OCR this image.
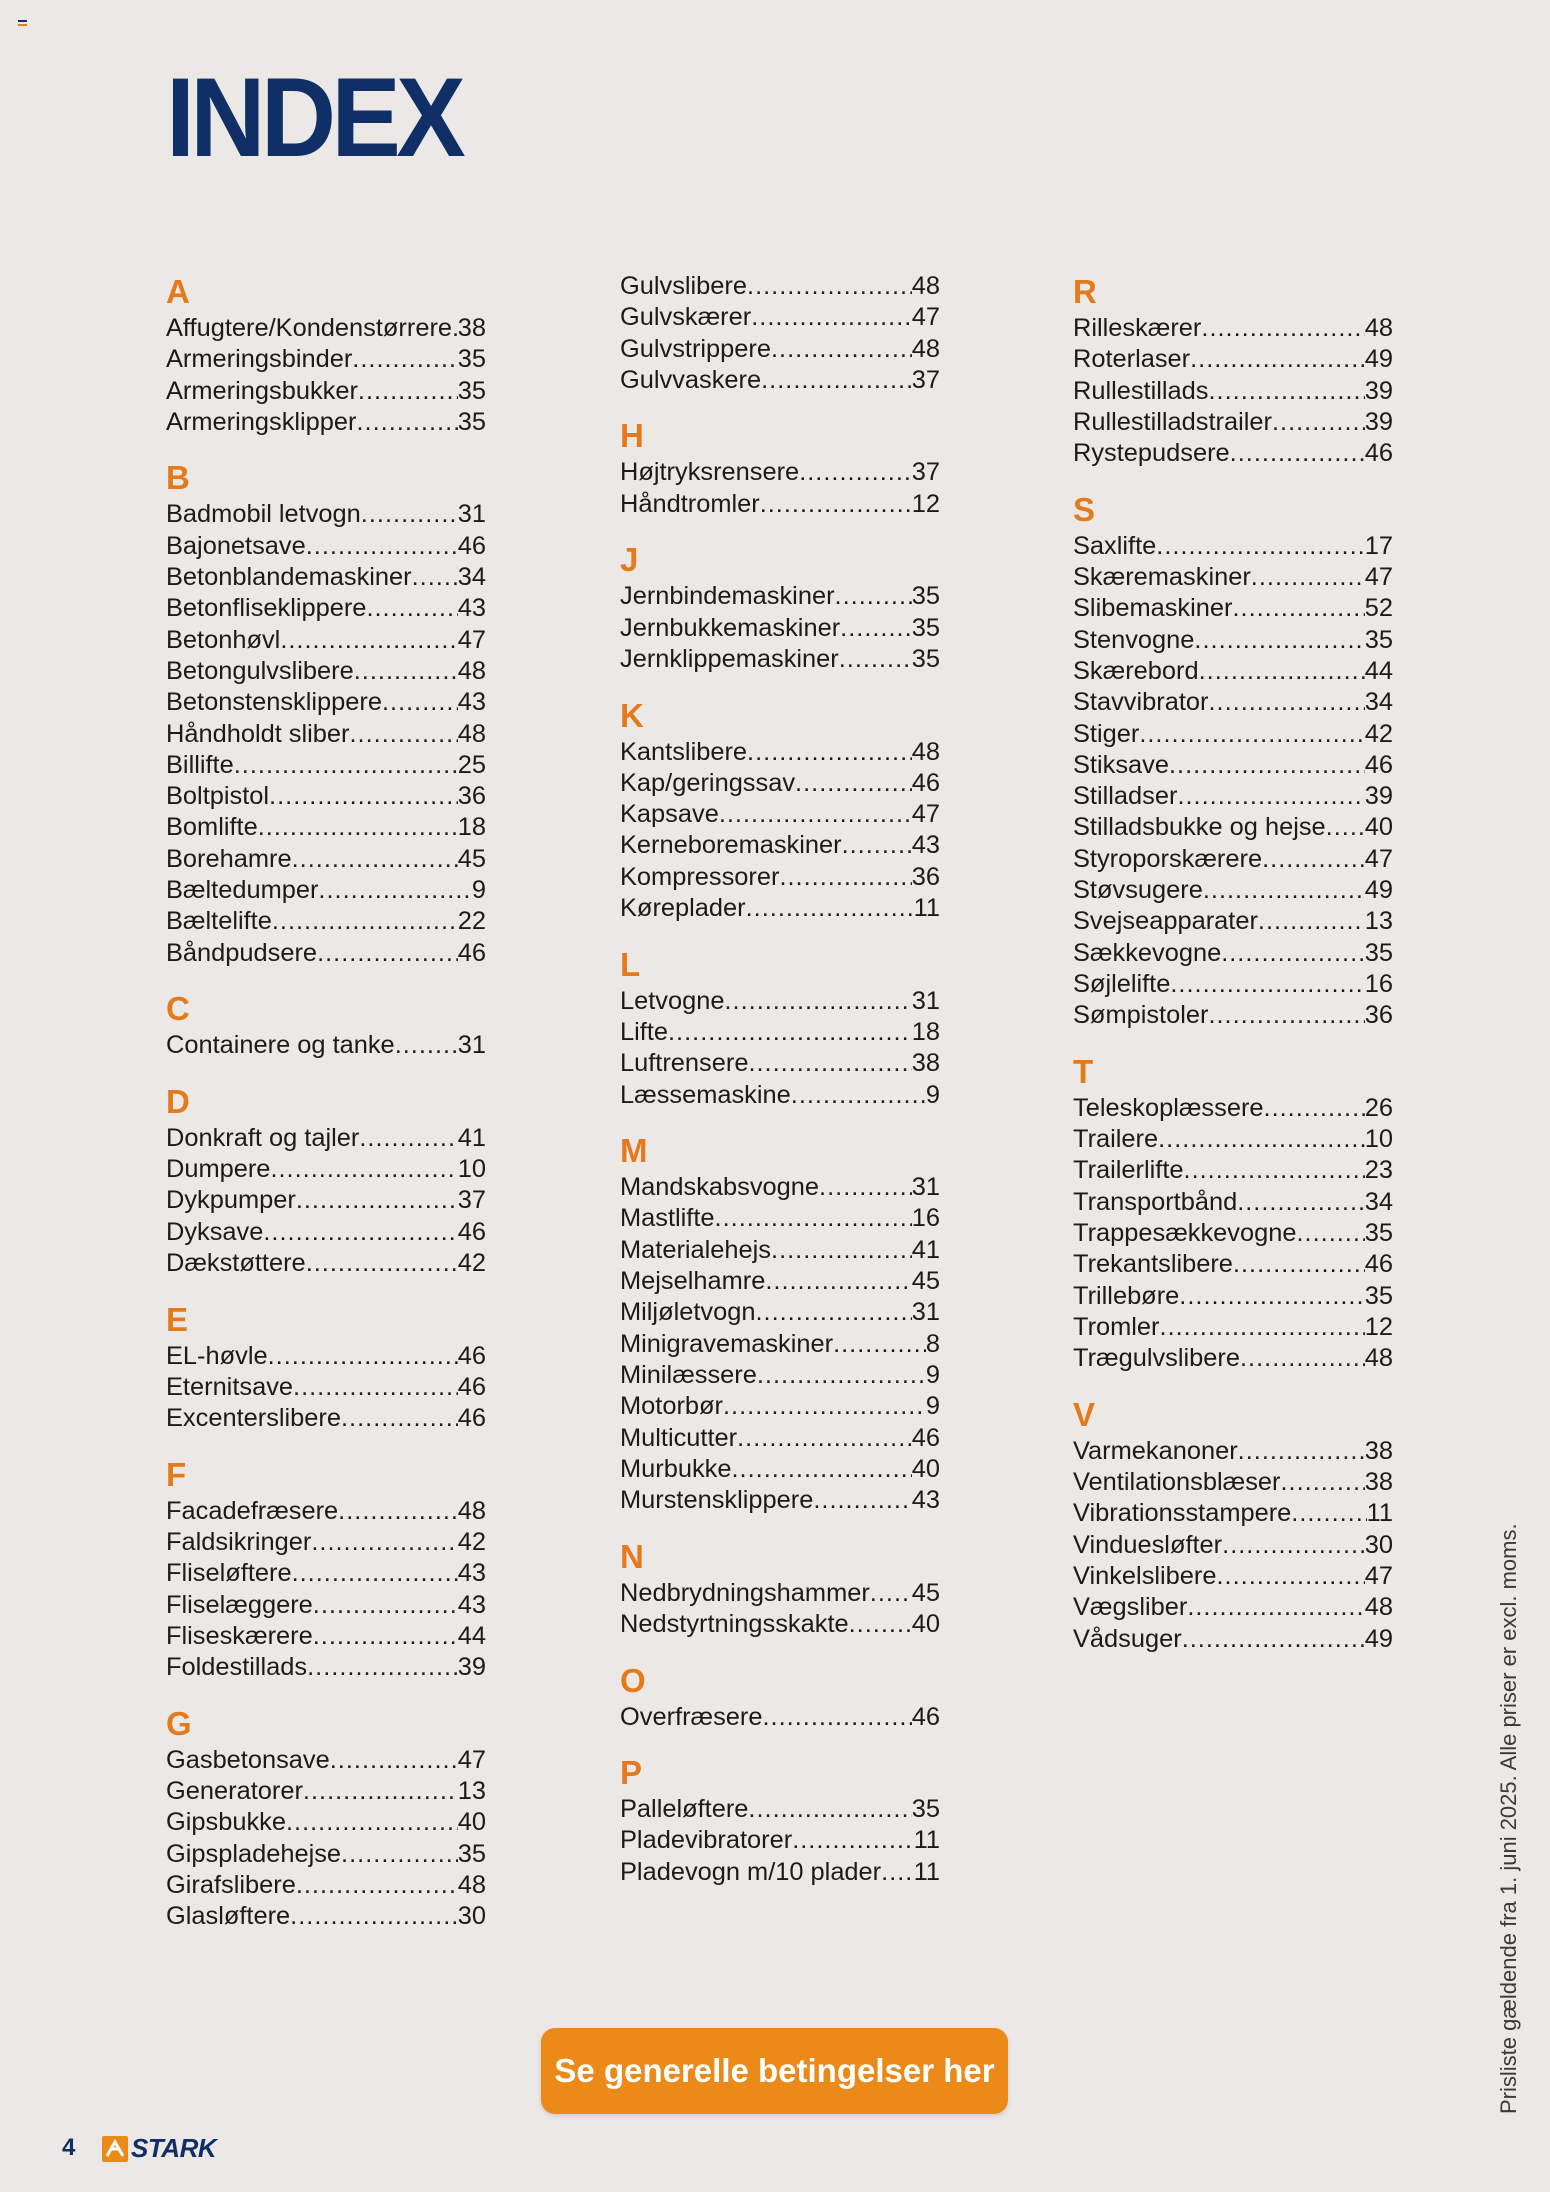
INDEX
A
Affugtere/Kondenstørrere ..... 38
Armeringsbinder .....	35
Armeringsbukker .....	35
Armeringsklipper .....	35
B
Badmobil letvogn .....	31
Bajonetsave .....	46
Betonblandemaskiner ..... 34
Betonfliseklippere .....	43
Betonhøvl .....	47
Betongulvslibere .....	48
Betonstensklippere .....	43
Håndholdt sliber .....	48
Billifte .....	25
Boltpistol .....	36
Bomlifte .....	18
Borehamre .....	45
Bæltedumper .....	9
Bæltelifte .....	22
Båndpudsere .....	46
C
Containere og tanke ..... 31
D
Donkraft og tajler .....	41
Dumpere .....	10
Dykpumper .....	37
Dyksave .....	46
Dækstøttere .....	42
E
EL-høvle .....	46
Eternitsave .....	46
Excenterslibere .....	46
F
Facadefræsere .....	48
Faldsikringer .....	42
Fliseløftere .....	43
Fliselæggere .....	43
Fliseskærere .....	44
Foldestillads .....	39
G
Gasbetonsave .....	47
Generatorer .....	13
Gipsbukke .....	40
Gipspladehejse .....	35
Girafslibere .....	48
Glasløftere .....	30
Gulvslibere .....	48
Gulvskærer .....	47
Gulvstrippere .....	48
Gulvvaskere .....	37
H
Højtryksrensere .....	37
Håndtromler .....	12
J
Jernbindemaskiner .....	35
Jernbukkemaskiner .....	35
Jernklippemaskiner .....	35
K
Kantslibere .....	48
Kap/geringssav .....	46
Kapsave .....	47
Kerneboremaskiner .....	43
Kompressorer .....	36
Køreplader .....	11
L
Letvogne .....	31
Lifte .....	18
Luftrensere .....	38
Læssemaskine .....	9
M
Mandskabsvogne .....	31
Mastlifte .....	16
Materialehejs .....	41
Mejselhamre .....	45
Miljøletvogn .....	31
Minigravemaskiner .....	8
Minilæssere .....	9
Motorbør .....	9
Multicutter .....	46
Murbukke .....	40
Murstensklippere .....	43
N
Nedbrydningshammer ..... 45
Nedstyrtningsskakte ..... 40
O
Overfræsere .....	46
P
Palleløftere .....	35
Pladevibratorer .....	11
Pladevogn m/10 plader ..... 11
R
Rilleskærer .....	48
Roterlaser .....	49
Rullestillads .....	39
Rullestilladstrailer .....	39
Rystepudsere .....	46
S
Saxlifte .....	17
Skæremaskiner .....	47
Slibemaskiner .....	52
Stenvogne .....	35
Skærebord .....	44
Stavvibrator .....	34
Stiger .....	42
Stiksave .....	46
Stilladser .....	39
Stilladsbukke og hejse ..... 40
Styroporskærere .....	47
Støvsugere .....	49
Svejseapparater .....	13
Sækkevogne .....	35
Søjlelifte .....	16
Sømpistoler .....	36
T
Teleskoplæssere .....	26
Trailere .....	10
Trailerlifte .....	23
Transportbånd .....	34
Trappesækkevogne .....	35
Trekantslibere .....	46
Trillebøre .....	35
Tromler .....	12
Trægulvslibere .....	48
V
Varmekanoner .....	38
Ventilationsblæser .....	38
Vibrationsstampere .....	11
Vinduesløfter .....	30
Vinkelslibere .....	47
Vægsliber .....	48
Vådsuger .....	49	Prisliste gældende fra 1. juni 2025. Alle priser er excl. moms.
Se generelle betingelser her
4 STARK
